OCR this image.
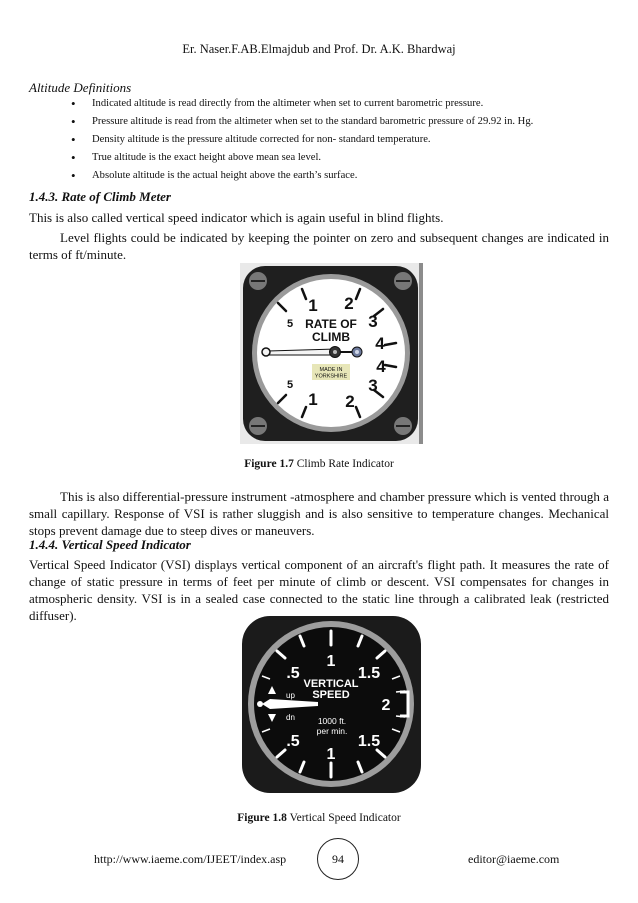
Er. Naser.F.AB.Elmajdub and Prof. Dr. A.K. Bhardwaj
Altitude Definitions
• Indicated altitude is read directly from the altimeter when set to current barometric pressure.
• Pressure altitude is read from the altimeter when set to the standard barometric pressure of 29.92 in. Hg.
• Density altitude is the pressure altitude corrected for non- standard temperature.
• True altitude is the exact height above mean sea level.
• Absolute altitude is the actual height above the earth’s surface.
1.4.3. Rate of Climb Meter
This is also called vertical speed indicator which is again useful in blind flights.
Level flights could be indicated by keeping the pointer on zero and subsequent changes are indicated in terms of ft/minute.
1 2
3
4
5
1 2
3
4
5
RATE OF
CLIMB
MADE IN
YORKSHIRE
Figure 1.7 Climb Rate Indicator
This is also differential-pressure instrument -atmosphere and chamber pressure which is vented through a small capillary. Response of VSI is rather sluggish and is also sensitive to temperature changes. Mechanical stops prevent damage due to steep dives or maneuvers.
1.4.4. Vertical Speed Indicator
Vertical Speed Indicator (VSI) displays vertical component of an aircraft's flight path. It measures the rate of change of static pressure in terms of feet per minute of climb or descent. VSI compensates for changes in atmospheric density. VSI is in a sealed case connected to the static line through a calibrated leak (restricted diffuser).
.5
1
1.5
2
.5
1
1.5
VERTICAL
SPEED
up
dn	1000 ft.
per min.
Figure 1.8 Vertical Speed Indicator
http://www.iaeme.com/IJEET/index.asp	94	editor@iaeme.com
